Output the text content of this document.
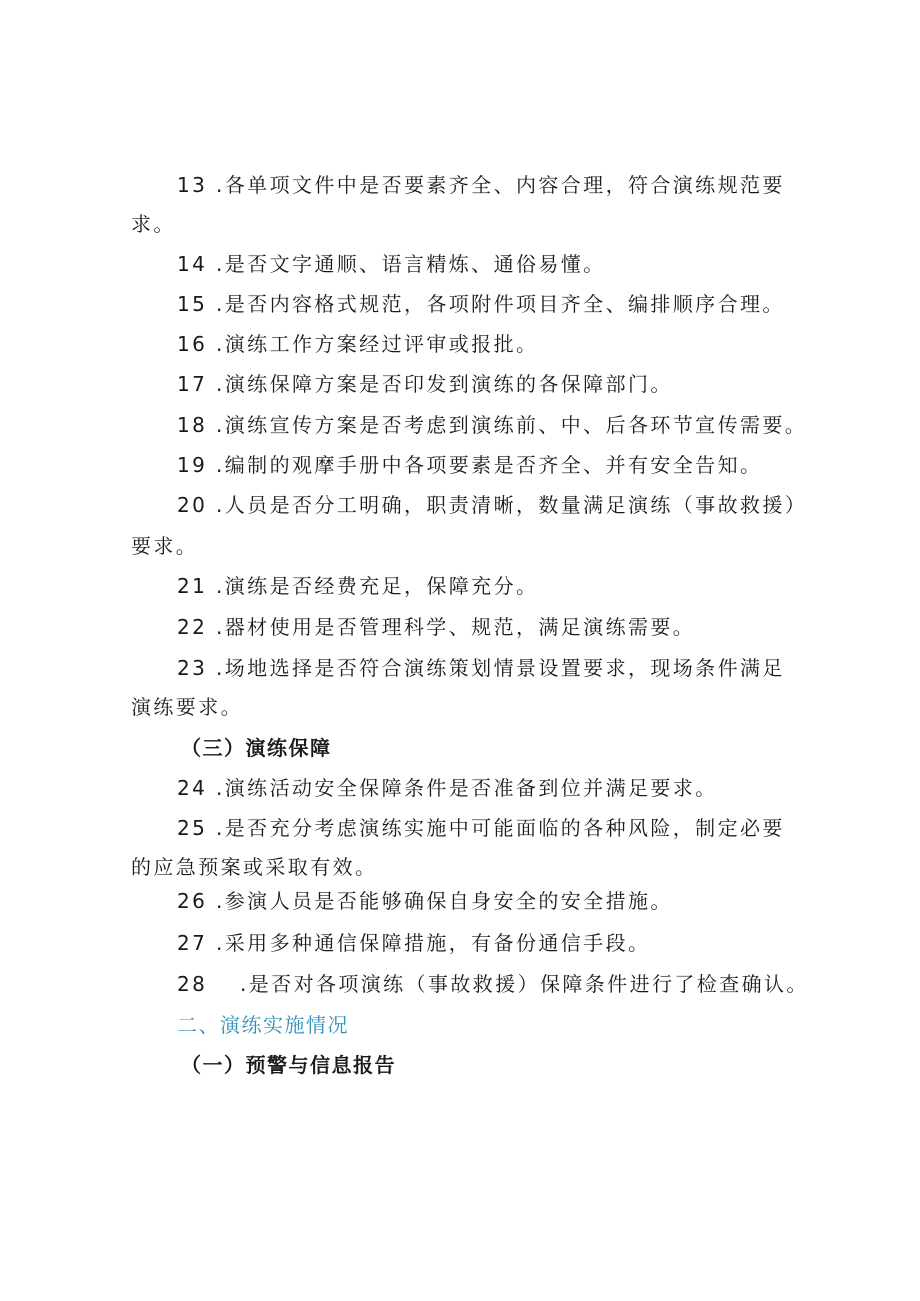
13 .各单项文件中是否要素齐全、内容合理，符合演练规范要
求。
14 .是否文字通顺、语言精炼、通俗易懂。
15 .是否内容格式规范，各项附件项目齐全、编排顺序合理。
16 .演练工作方案经过评审或报批。
17 .演练保障方案是否印发到演练的各保障部门。
18 .演练宣传方案是否考虑到演练前、中、后各环节宣传需要。
19 .编制的观摩手册中各项要素是否齐全、并有安全告知。
20 .人员是否分工明确，职责清晰，数量满足演练（事故救援）
要求。
21 .演练是否经费充足，保障充分。
22 .器材使用是否管理科学、规范，满足演练需要。
23 .场地选择是否符合演练策划情景设置要求，现场条件满足
演练要求。
（三）演练保障
24 .演练活动安全保障条件是否准备到位并满足要求。
25 .是否充分考虑演练实施中可能面临的各种风险，制定必要
的应急预案或采取有效。
26 .参演人员是否能够确保自身安全的安全措施。
27 .采用多种通信保障措施，有备份通信手段。
28 .是否对各项演练（事故救援）保障条件进行了检查确认。
二、演练实施情况
（一）预警与信息报告
